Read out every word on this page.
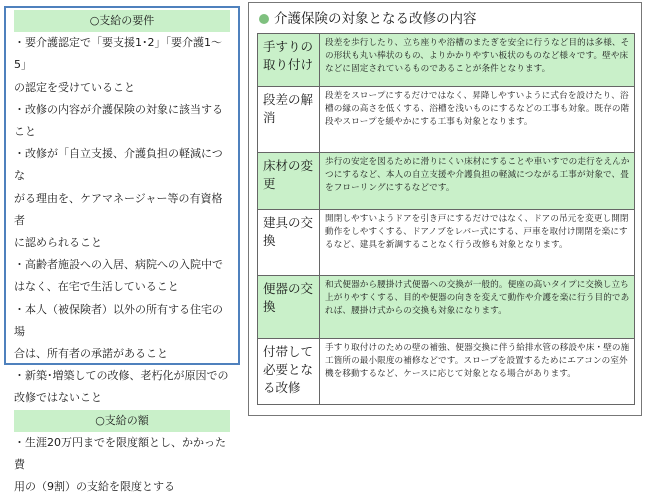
○支給の要件
・要介護認定で「要支援1･2」「要介護1～5」
の認定を受けていること
・改修の内容が介護保険の対象に該当する
こと
・改修が「自立支援、介護負担の軽減につな
がる理由を、ケアマネージャー等の有資格者
に認められること
・高齢者施設への入居、病院への入院中で
はなく、在宅で生活していること
・本人（被保険者）以外の所有する住宅の場
合は、所有者の承諾があること
・新築･増築しての改修、老朽化が原因での
改修ではないこと
○支給の額
・生涯20万円までを限度額とし、かかった費
用の（9割）の支給を限度とする
介護保険の対象となる改修の内容
手すりの取り付け	段差を歩行したり、立ち座りや浴槽のまたぎを安全に行うなど目的は多様、その形状も丸い棒状のもの、よりかかりやすい板状のものなど様々です。壁や床などに固定されているものであることが条件となります。
段差の解消	段差をスロープにするだけではなく、昇降しやすいように式台を設けたり、浴槽の縁の高さを低くする、浴槽を浅いものにするなどの工事も対象。既存の階段やスロープを緩やかにする工事も対象となります。
床材の変更	歩行の安定を図るために滑りにくい床材にすることや車いすでの走行をえんかつにするなど、本人の自立支援や介護負担の軽減につながる工事が対象で、畳をフローリングにするなどです。
建具の交換	開閉しやすいようドアを引き戸にするだけではなく、ドアの吊元を変更し開閉動作をしやすくする、ドアノブをレバー式にする、戸車を取付け開閉を楽にするなど、建具を新調することなく行う改修も対象となります。
便器の交換	和式便器から腰掛け式便器への交換が一般的。便座の高いタイプに交換し立ち上がりやすくする、目的や便器の向きを変えて動作や介護を楽に行う目的であれば、腰掛け式からの交換も対象になります。
付帯して必要となる改修	手すり取付けのための壁の補強、便器交換に伴う給排水管の移設や床・壁の施工箇所の最小限度の補修などです。スロープを設置するためにエアコンの室外機を移動するなど、ケースに応じて対象となる場合があります。
